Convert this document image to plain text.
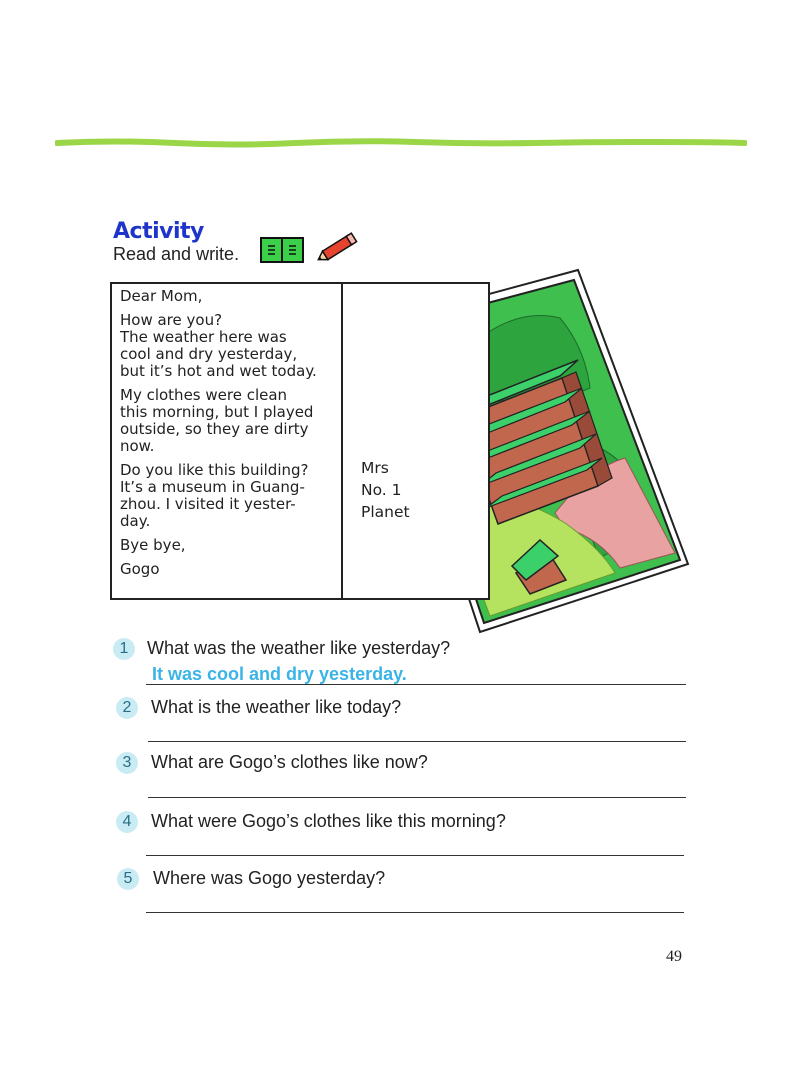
Activity
Read and write.

Dear Mom,

How are you?
The weather here was
cool and dry yesterday,
but it’s hot and wet today.

My clothes were clean
this morning, but I played
outside, so they are dirty
now.

Do you like this building?
It’s a museum in Guang-
zhou. I visited it yester-
day.

Bye bye,

Gogo

Mrs
No. 1
Planet
1	What was the weather like yesterday?
It was cool and dry yesterday.
2	What is the weather like today?
3	What are Gogo’s clothes like now?
4	What were Gogo’s clothes like this morning?
5	Where was Gogo yesterday?
49
